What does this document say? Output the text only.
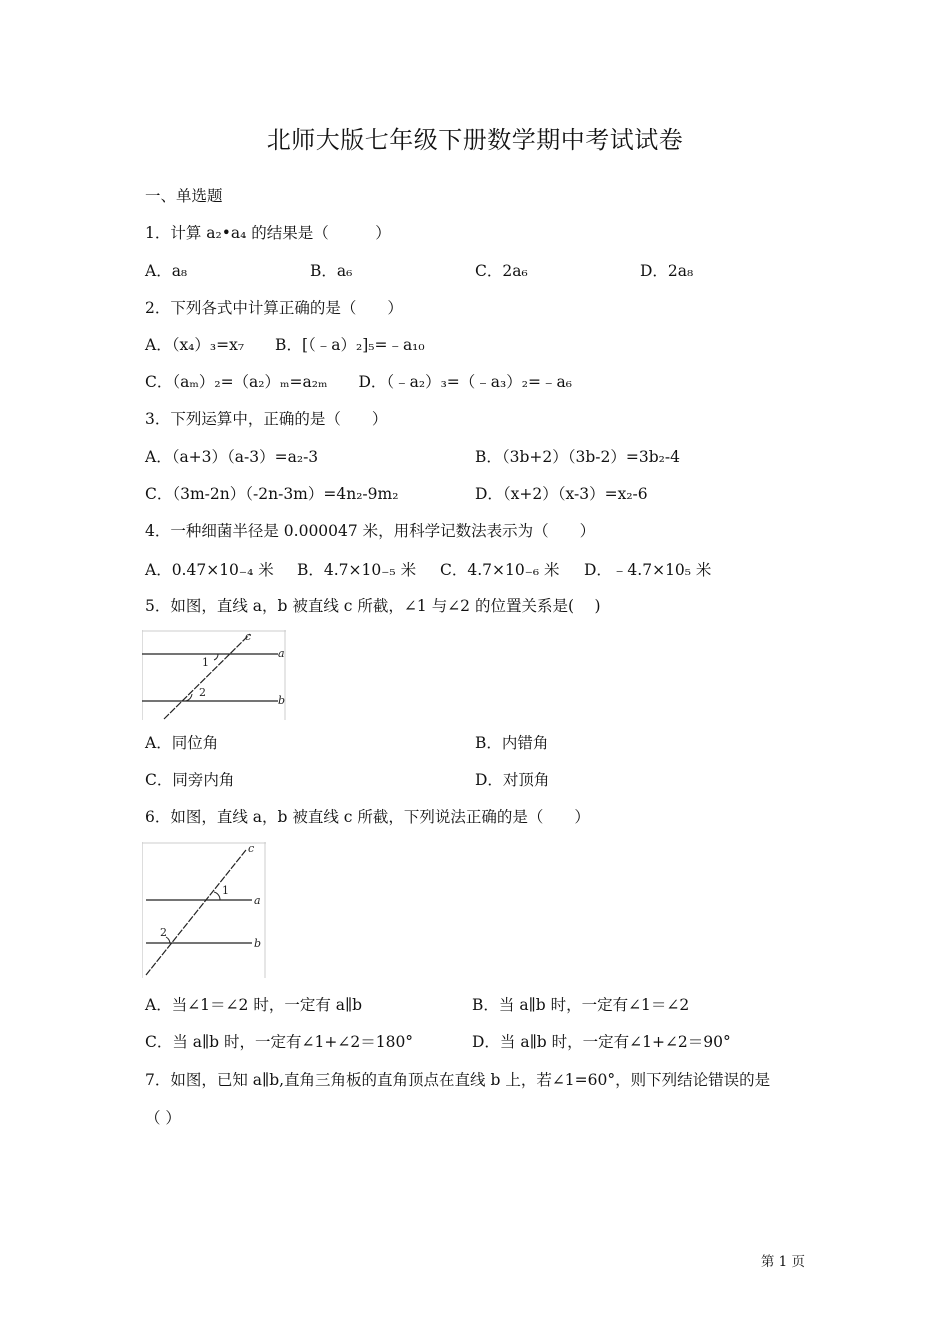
北师大版七年级下册数学期中考试试卷
一、单选题
1．计算 a₂•a₄ 的结果是（　　　）
A．a₈	B．a₆	C．2a₆	D．2a₈
2．下列各式中计算正确的是（　　）
A．（x₄）₃=x₇　　B．[（﹣a）₂]₅=﹣a₁₀
C．（aₘ）₂=（a₂）ₘ=a₂ₘ　　D．（﹣a₂）₃=（﹣a₃）₂=﹣a₆
3．下列运算中，正确的是（　　）
A．（a+3）（a-3）=a₂-3	B．（3b+2）（3b-2）=3b₂-4
C．（3m-2n）（-2n-3m）=4n₂-9m₂	D．（x+2）（x-3）=x₂-6
4．一种细菌半径是 0.000047 米，用科学记数法表示为（　　）
A．0.47×10₋₄ 米 B．4.7×10₋₅ 米 C．4.7×10₋₆ 米 D．﹣4.7×10₅ 米
5．如图，直线 a，b 被直线 c 所截，∠1 与∠2 的位置关系是(　 )
c
a
b
1
2
A．同位角	B．内错角
C．同旁内角	D．对顶角
6．如图，直线 a，b 被直线 c 所截，下列说法正确的是（　　）
c
a
b
1
2
A．当∠1＝∠2 时，一定有 a∥b	B．当 a∥b 时，一定有∠1＝∠2
C．当 a∥b 时，一定有∠1+∠2＝180°	D．当 a∥b 时，一定有∠1+∠2＝90°
7．如图，已知 a∥b,直角三角板的直角顶点在直线 b 上，若∠1=60°，则下列结论错误的是
（ ）
第 1 页
